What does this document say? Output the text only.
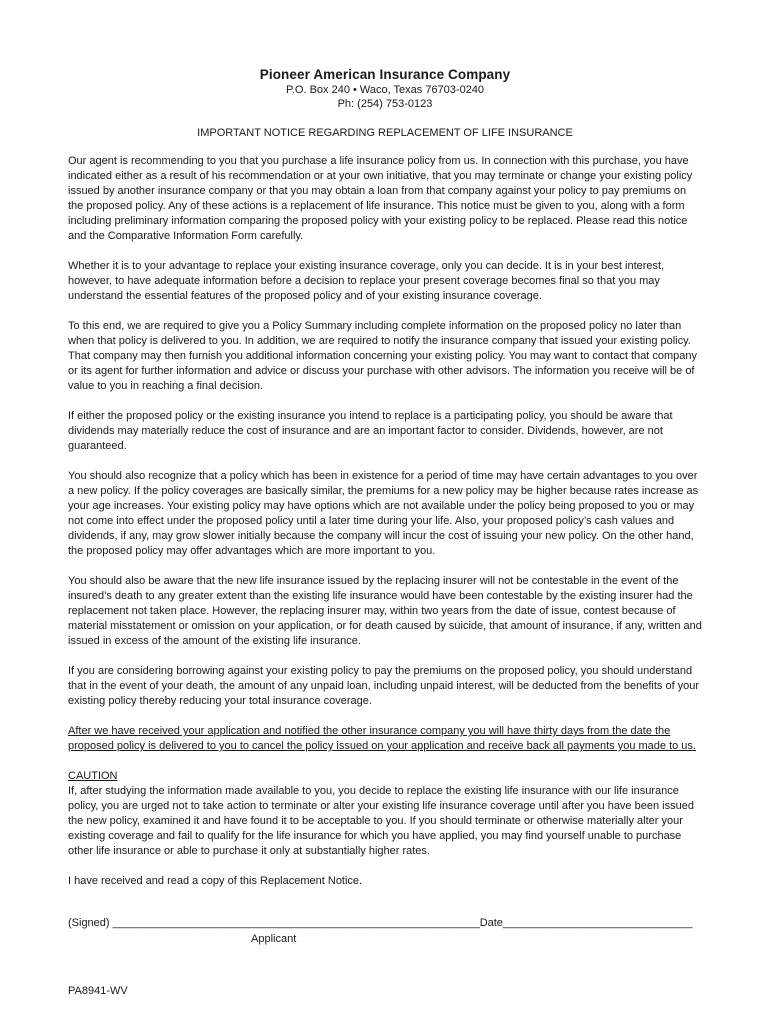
Pioneer American Insurance Company
P.O. Box 240 • Waco, Texas 76703-0240
Ph: (254) 753-0123
IMPORTANT NOTICE REGARDING REPLACEMENT OF LIFE INSURANCE

Our agent is recommending to you that you purchase a life insurance policy from us. In connection with this purchase, you have indicated either as a result of his recommendation or at your own initiative, that you may terminate or change your existing policy issued by another insurance company or that you may obtain a loan from that company against your policy to pay premiums on the proposed policy. Any of these actions is a replacement of life insurance. This notice must be given to you, along with a form including preliminary information comparing the proposed policy with your existing policy to be replaced. Please read this notice and the Comparative Information Form carefully.

Whether it is to your advantage to replace your existing insurance coverage, only you can decide. It is in your best interest, however, to have adequate information before a decision to replace your present coverage becomes final so that you may understand the essential features of the proposed policy and of your existing insurance coverage.

To this end, we are required to give you a Policy Summary including complete information on the proposed policy no later than when that policy is delivered to you. In addition, we are required to notify the insurance company that issued your existing policy. That company may then furnish you additional information concerning your existing policy. You may want to contact that company or its agent for further information and advice or discuss your purchase with other advisors. The information you receive will be of value to you in reaching a final decision.

If either the proposed policy or the existing insurance you intend to replace is a participating policy, you should be aware that dividends may materially reduce the cost of insurance and are an important factor to consider. Dividends, however, are not guaranteed.

You should also recognize that a policy which has been in existence for a period of time may have certain advantages to you over a new policy. If the policy coverages are basically similar, the premiums for a new policy may be higher because rates increase as your age increases. Your existing policy may have options which are not available under the policy being proposed to you or may not come into effect under the proposed policy until a later time during your life. Also, your proposed policy’s cash values and dividends, if any, may grow slower initially because the company will incur the cost of issuing your new policy. On the other hand, the proposed policy may offer advantages which are more important to you.

You should also be aware that the new life insurance issued by the replacing insurer will not be contestable in the event of the insured’s death to any greater extent than the existing life insurance would have been contestable by the existing insurer had the replacement not taken place. However, the replacing insurer may, within two years from the date of issue, contest because of material misstatement or omission on your application, or for death caused by suicide, that amount of insurance, if any, written and issued in excess of the amount of the existing life insurance.

If you are considering borrowing against your existing policy to pay the premiums on the proposed policy, you should understand that in the event of your death, the amount of any unpaid loan, including unpaid interest, will be deducted from the benefits of your existing policy thereby reducing your total insurance coverage.

After we have received your application and notified the other insurance company you will have thirty days from the date the proposed policy is delivered to you to cancel the policy issued on your application and receive back all payments you made to us.

CAUTION
If, after studying the information made available to you, you decide to replace the existing life insurance with our life insurance policy, you are urged not to take action to terminate or alter your existing life insurance coverage until after you have been issued the new policy, examined it and have found it to be acceptable to you. If you should terminate or otherwise materially alter your existing coverage and fail to qualify for the life insurance for which you have applied, you may find yourself unable to purchase other life insurance or able to purchase it only at substantially higher rates.

I have received and read a copy of this Replacement Notice.

(Signed) ____________________________________________________________Date_______________________________
Applicant
PA8941-WV
